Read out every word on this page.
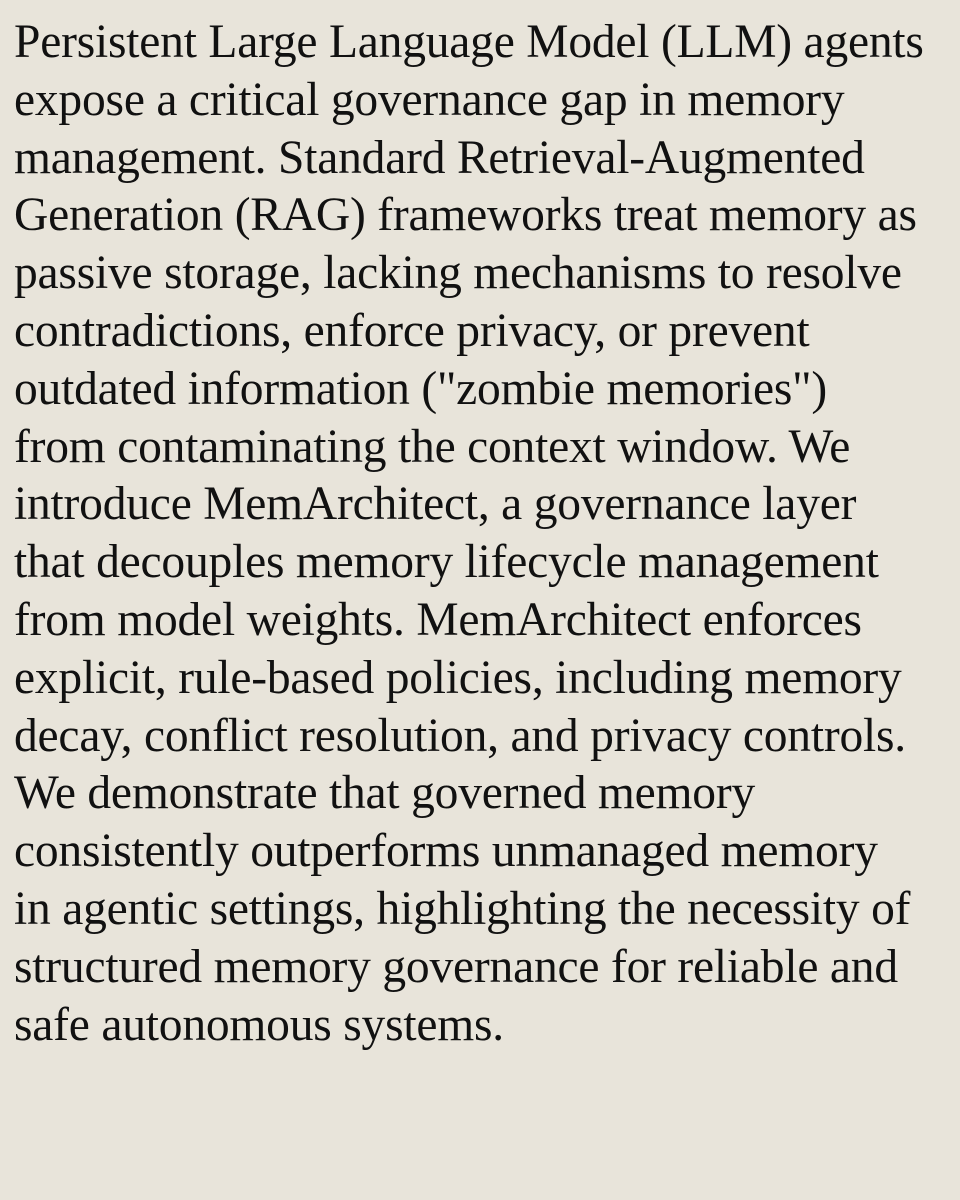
Persistent Large Language Model (LLM) agents
expose a critical governance gap in memory
management. Standard Retrieval-Augmented
Generation (RAG) frameworks treat memory as
passive storage, lacking mechanisms to resolve
contradictions, enforce privacy, or prevent
outdated information ("zombie memories")
from contaminating the context window. We
introduce MemArchitect, a governance layer
that decouples memory lifecycle management
from model weights. MemArchitect enforces
explicit, rule-based policies, including memory
decay, conflict resolution, and privacy controls.
We demonstrate that governed memory
consistently outperforms unmanaged memory
in agentic settings, highlighting the necessity of
structured memory governance for reliable and
safe autonomous systems.
